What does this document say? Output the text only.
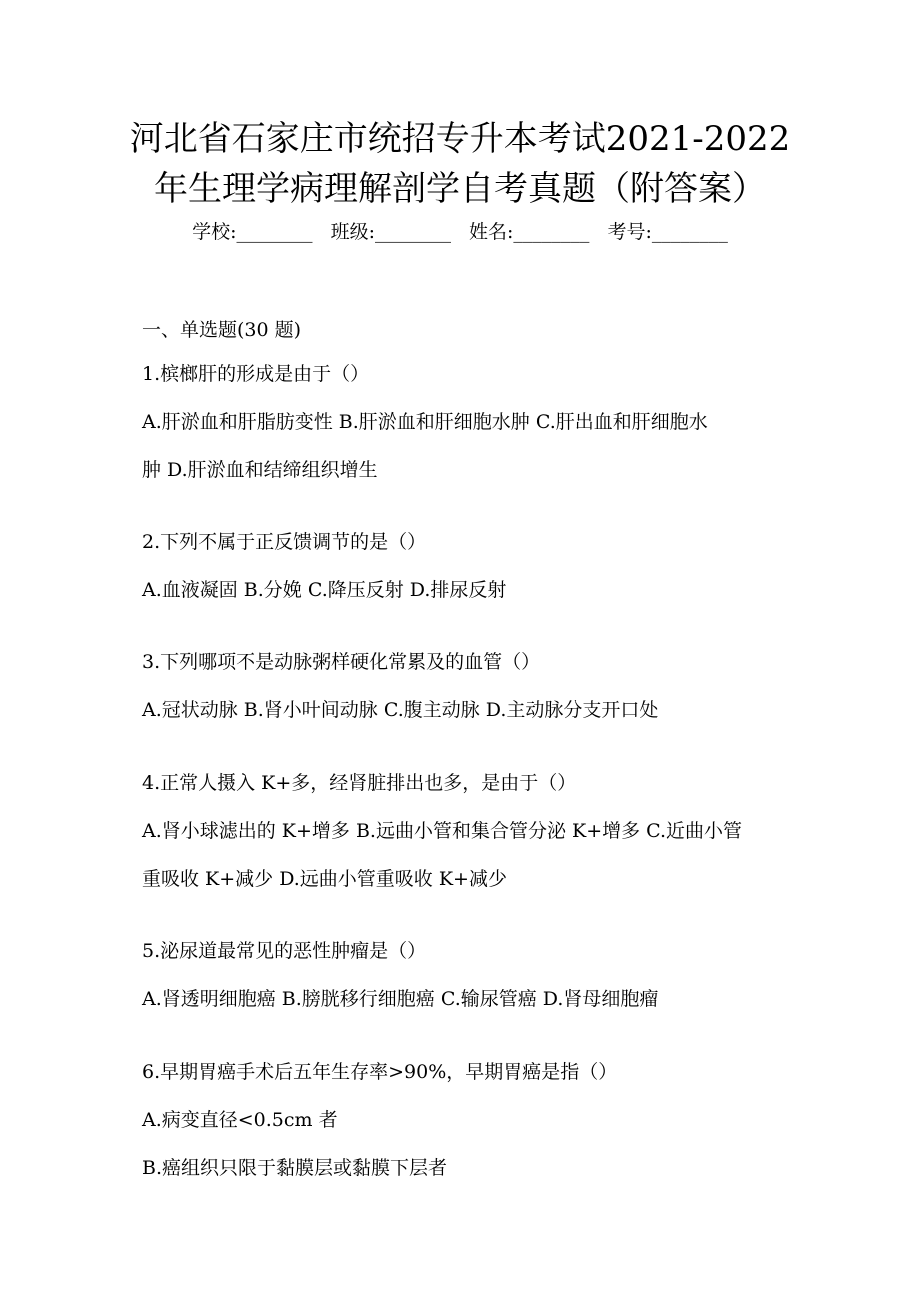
河北省石家庄市统招专升本考试2021-2022
年生理学病理解剖学自考真题（附答案）
学校:________ 班级:________ 姓名:________ 考号:________
一、单选题(30 题)
1.槟榔肝的形成是由于（）
A.肝淤血和肝脂肪变性 B.肝淤血和肝细胞水肿 C.肝出血和肝细胞水
肿 D.肝淤血和结缔组织增生
2.下列不属于正反馈调节的是（）
A.血液凝固 B.分娩 C.降压反射 D.排尿反射
3.下列哪项不是动脉粥样硬化常累及的血管（）
A.冠状动脉 B.肾小叶间动脉 C.腹主动脉 D.主动脉分支开口处
4.正常人摄入 K+多，经肾脏排出也多，是由于（）
A.肾小球滤出的 K+增多 B.远曲小管和集合管分泌 K+增多 C.近曲小管
重吸收 K+减少 D.远曲小管重吸收 K+减少
5.泌尿道最常见的恶性肿瘤是（）
A.肾透明细胞癌 B.膀胱移行细胞癌 C.输尿管癌 D.肾母细胞瘤
6.早期胃癌手术后五年生存率>90%，早期胃癌是指（）
A.病变直径<0.5cm 者
B.癌组织只限于黏膜层或黏膜下层者
